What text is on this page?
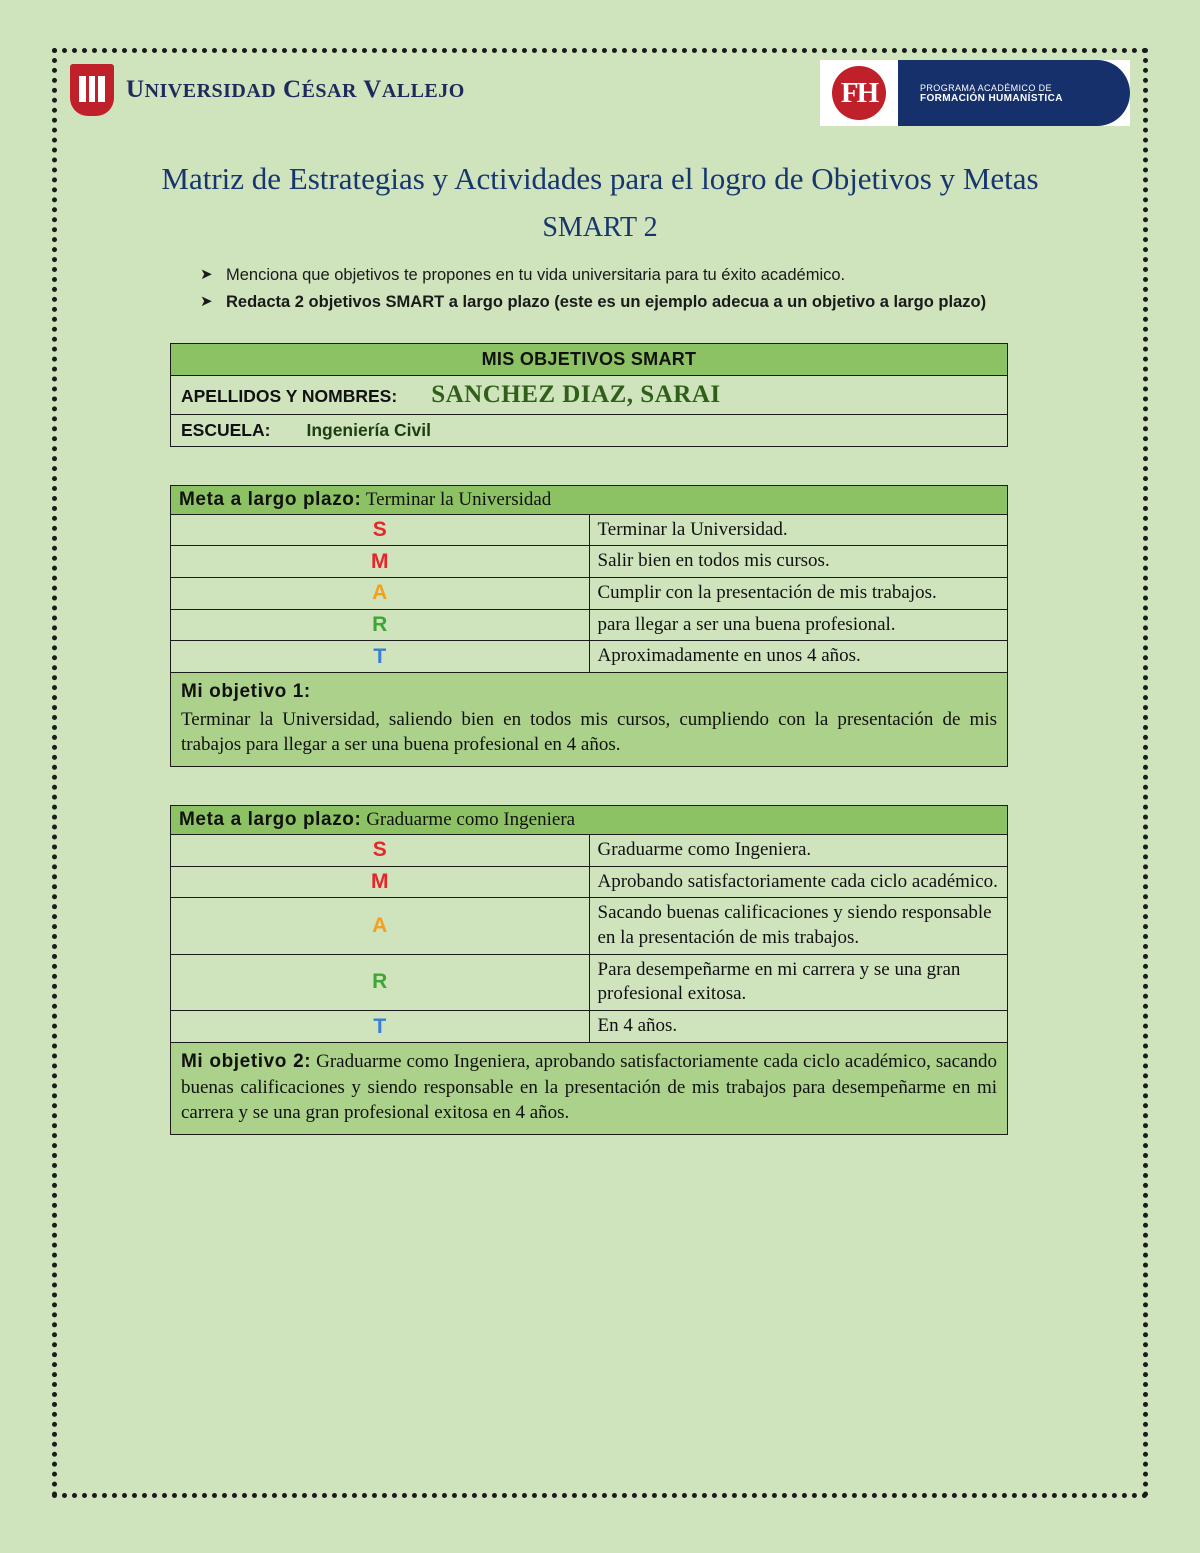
UNIVERSIDAD CÉSAR VALLEJO	FH	PROGRAMA ACADÉMICO DE
FORMACIÓN HUMANÍSTICA
Matriz de Estrategias y Actividades para el logro de Objetivos y Metas
SMART 2
➤ Menciona que objetivos te propones en tu vida universitaria para tu éxito académico.
➤ Redacta 2 objetivos SMART a largo plazo (este es un ejemplo adecua a un objetivo a largo plazo)
MIS OBJETIVOS SMART

APELLIDOS Y NOMBRES:	SANCHEZ DIAZ, SARAI

ESCUELA:	Ingeniería Civil
Meta a largo plazo: Terminar la Universidad	
S	Terminar la Universidad.
M	Salir bien en todos mis cursos.
A	Cumplir con la presentación de mis trabajos.
R	para llegar a ser una buena profesional.
T	Aproximadamente en unos 4 años.
Mi objetivo 1:
Terminar la Universidad, saliendo bien en todos mis cursos, cumpliendo con la presentación de mis trabajos para llegar a ser una buena profesional en 4 años.	
Meta a largo plazo: Graduarme como Ingeniera	
S	Graduarme como Ingeniera.
M	Aprobando satisfactoriamente cada ciclo académico.
A	Sacando buenas calificaciones y siendo responsable en la presentación de mis trabajos.
R	Para desempeñarme en mi carrera y se una gran profesional exitosa.
T	En 4 años.
Mi objetivo 2: Graduarme como Ingeniera, aprobando satisfactoriamente cada ciclo académico, sacando buenas calificaciones y siendo responsable en la presentación de mis trabajos para desempeñarme en mi carrera y se una gran profesional exitosa en 4 años.	
